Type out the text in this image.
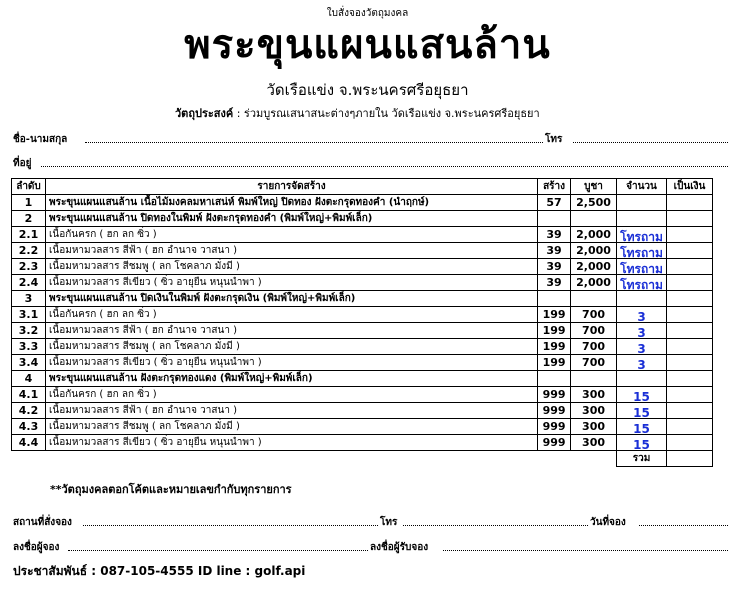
ใบสั่งจองวัตถุมงคล
พระขุนแผนแสนล้าน
วัดเรือแข่ง จ.พระนครศรีอยุธยา
วัตถุประสงค์ : ร่วมบูรณเสนาสนะต่างๆภายใน วัดเรือแข่ง จ.พระนครศรีอยุธยา
ชื่อ-นามสกุล	โทร
ที่อยู่
ลำดับ	รายการจัดสร้าง	สร้าง	บูชา	จำนวน	เป็นเงิน
1	พระขุนแผนแสนล้าน เนื้อไม้มงคลมหาเสน่ห์ พิมพ์ใหญ่ ปิดทอง ฝังตะกรุดทองคำ (นำฤกษ์)	57	2,500		
2	พระขุนแผนแสนล้าน ปิดทองในพิมพ์ ฝังตะกรุดทองคำ (พิมพ์ใหญ่+พิมพ์เล็ก)				
2.1	เนื้อกันครก ( ฮก ลก ซิ่ว )	39	2,000	โทรถาม	
2.2	เนื้อมหามวลสาร สีฟ้า ( ฮก อำนาจ วาสนา )	39	2,000	โทรถาม	
2.3	เนื้อมหามวลสาร สีชมพู ( ลก โชคลาภ มั่งมี )	39	2,000	โทรถาม	
2.4	เนื้อมหามวลสาร สีเขียว ( ซิ่ว อายุยืน หนุนนำพา )	39	2,000	โทรถาม	
3	พระขุนแผนแสนล้าน ปิดเงินในพิมพ์ ฝังตะกรุดเงิน (พิมพ์ใหญ่+พิมพ์เล็ก)				
3.1	เนื้อกันครก ( ฮก ลก ซิ่ว )	199	700	3	
3.2	เนื้อมหามวลสาร สีฟ้า ( ฮก อำนาจ วาสนา )	199	700	3	
3.3	เนื้อมหามวลสาร สีชมพู ( ลก โชคลาภ มั่งมี )	199	700	3	
3.4	เนื้อมหามวลสาร สีเขียว ( ซิ่ว อายุยืน หนุนนำพา )	199	700	3	
4	พระขุนแผนแสนล้าน ฝังตะกรุดทองแดง (พิมพ์ใหญ่+พิมพ์เล็ก)				
4.1	เนื้อกันครก ( ฮก ลก ซิ่ว )	999	300	15	
4.2	เนื้อมหามวลสาร สีฟ้า ( ฮก อำนาจ วาสนา )	999	300	15	
4.3	เนื้อมหามวลสาร สีชมพู ( ลก โชคลาภ มั่งมี )	999	300	15	
4.4	เนื้อมหามวลสาร สีเขียว ( ซิ่ว อายุยืน หนุนนำพา )	999	300	15	
				รวม	
**วัตถุมงคลตอกโค้ตและหมายเลขกำกับทุกรายการ
สถานที่สั่งจอง	โทร	วันที่จอง
ลงชื่อผู้จอง	ลงชื่อผู้รับจอง
ประชาสัมพันธ์ : 087-105-4555 ID line : golf.api
